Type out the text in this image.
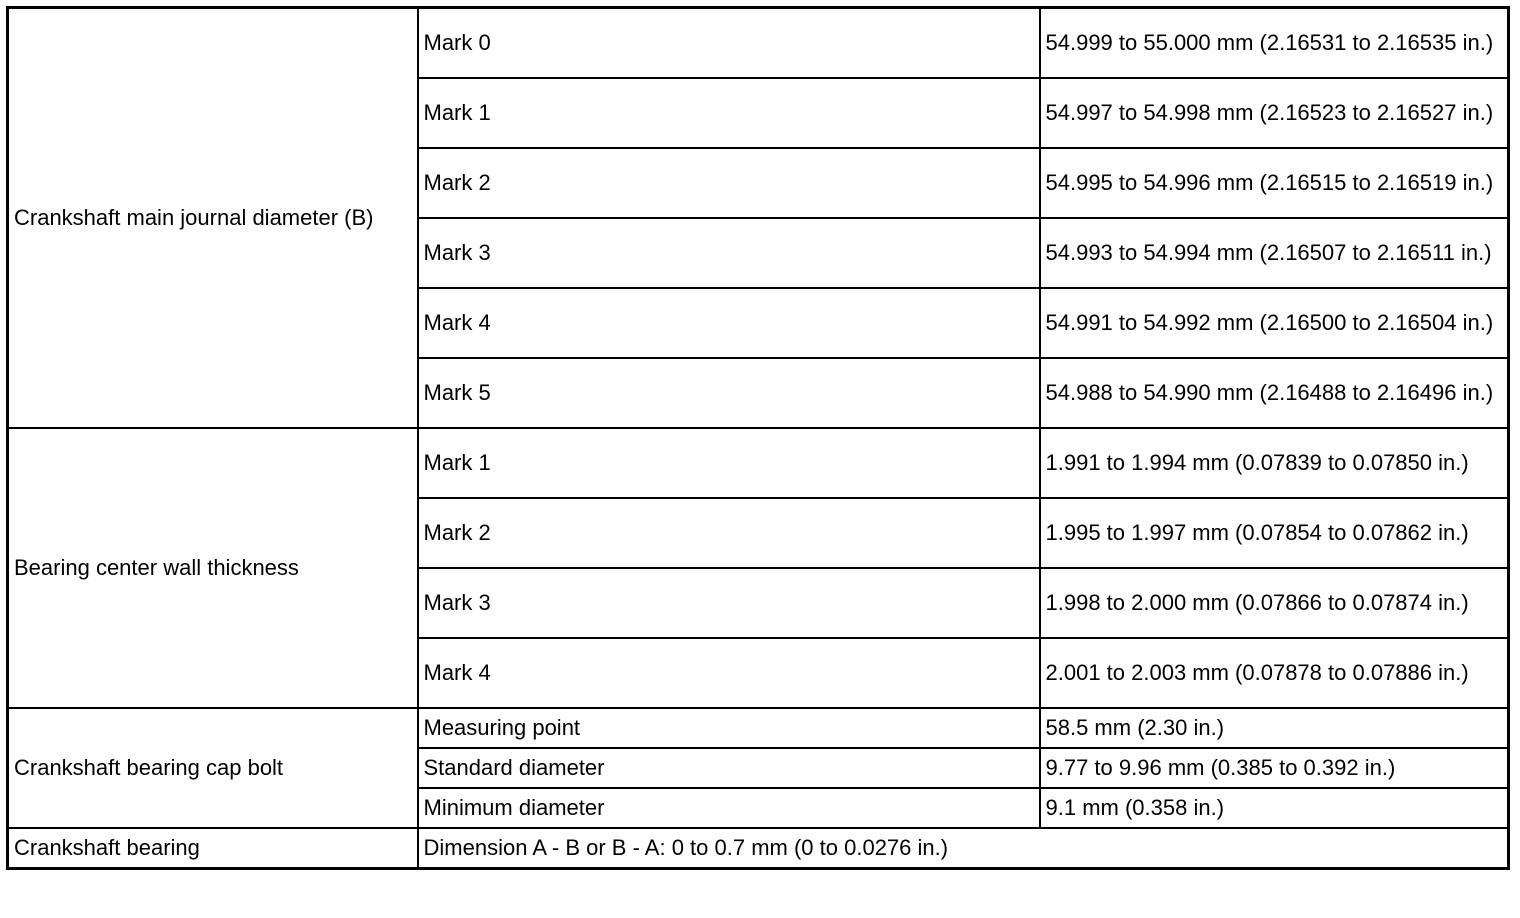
Crankshaft main journal diameter (B)	Mark 0	54.999 to 55.000 mm (2.16531 to 2.16535 in.)
	Mark 1	54.997 to 54.998 mm (2.16523 to 2.16527 in.)
	Mark 2	54.995 to 54.996 mm (2.16515 to 2.16519 in.)
	Mark 3	54.993 to 54.994 mm (2.16507 to 2.16511 in.)
	Mark 4	54.991 to 54.992 mm (2.16500 to 2.16504 in.)
	Mark 5	54.988 to 54.990 mm (2.16488 to 2.16496 in.)
Bearing center wall thickness	Mark 1	1.991 to 1.994 mm (0.07839 to 0.07850 in.)
	Mark 2	1.995 to 1.997 mm (0.07854 to 0.07862 in.)
	Mark 3	1.998 to 2.000 mm (0.07866 to 0.07874 in.)
	Mark 4	2.001 to 2.003 mm (0.07878 to 0.07886 in.)
Crankshaft bearing cap bolt	Measuring point	58.5 mm (2.30 in.)
	Standard diameter	9.77 to 9.96 mm (0.385 to 0.392 in.)
	Minimum diameter	9.1 mm (0.358 in.)
Crankshaft bearing	Dimension A - B or B - A: 0 to 0.7 mm (0 to 0.0276 in.)	
